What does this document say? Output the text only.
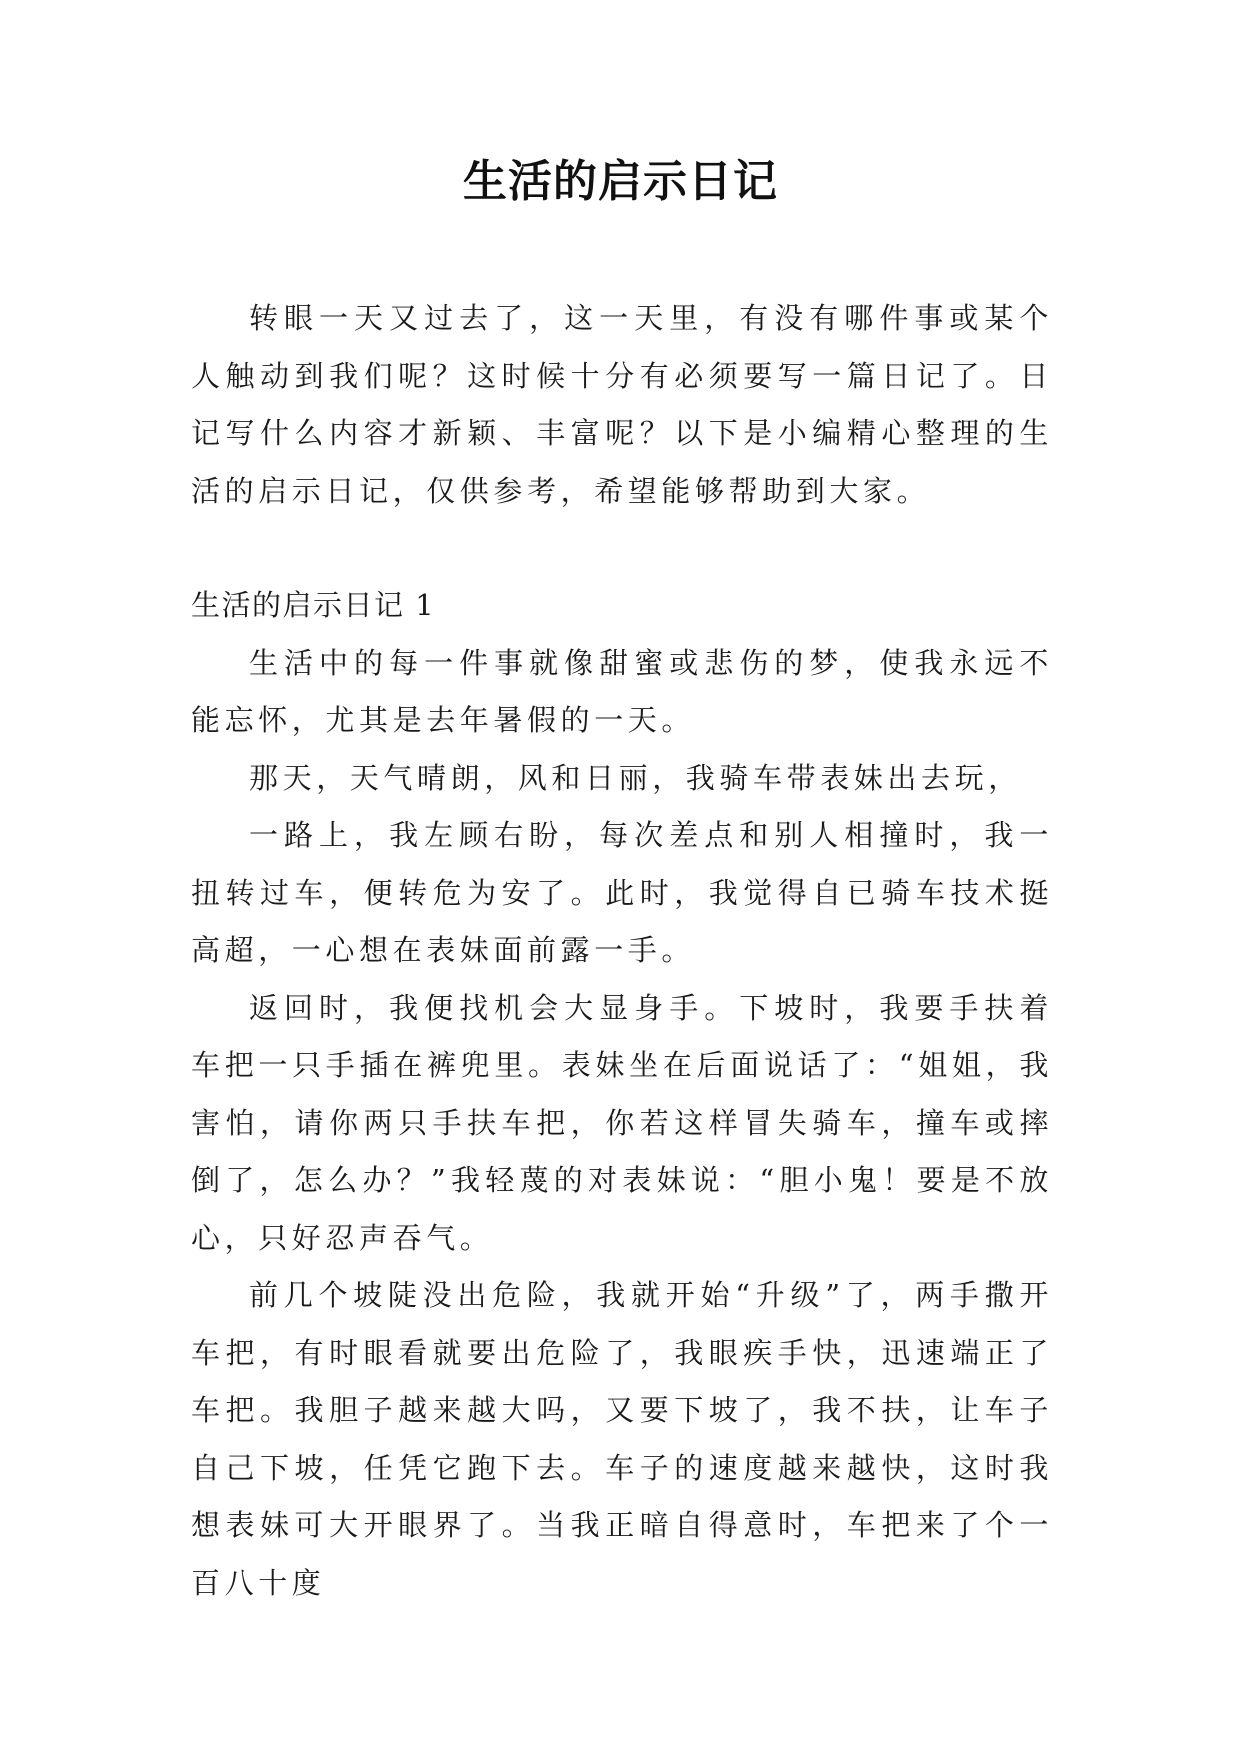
生活的启示日记

转眼一天又过去了，这一天里，有没有哪件事或某个人触动到我们呢？这时候十分有必须要写一篇日记了。日记写什么内容才新颖、丰富呢？以下是小编精心整理的生活的启示日记，仅供参考，希望能够帮助到大家。

生活的启示日记 1

生活中的每一件事就像甜蜜或悲伤的梦，使我永远不能忘怀，尤其是去年暑假的一天。

那天，天气晴朗，风和日丽，我骑车带表妹出去玩，

一路上，我左顾右盼，每次差点和别人相撞时，我一扭转过车，便转危为安了。此时，我觉得自已骑车技术挺高超，一心想在表妹面前露一手。

返回时，我便找机会大显身手。下坡时，我要手扶着车把一只手插在裤兜里。表妹坐在后面说话了：“姐姐，我害怕，请你两只手扶车把，你若这样冒失骑车，撞车或摔倒了，怎么办？”我轻蔑的对表妹说：“胆小鬼！要是不放心，只好忍声吞气。

前几个坡陡没出危险，我就开始“升级”了，两手撒开车把，有时眼看就要出危险了，我眼疾手快，迅速端正了车把。我胆子越来越大吗，又要下坡了，我不扶，让车子自己下坡，任凭它跑下去。车子的速度越来越快，这时我想表妹可大开眼界了。当我正暗自得意时，车把来了个一百八十度
